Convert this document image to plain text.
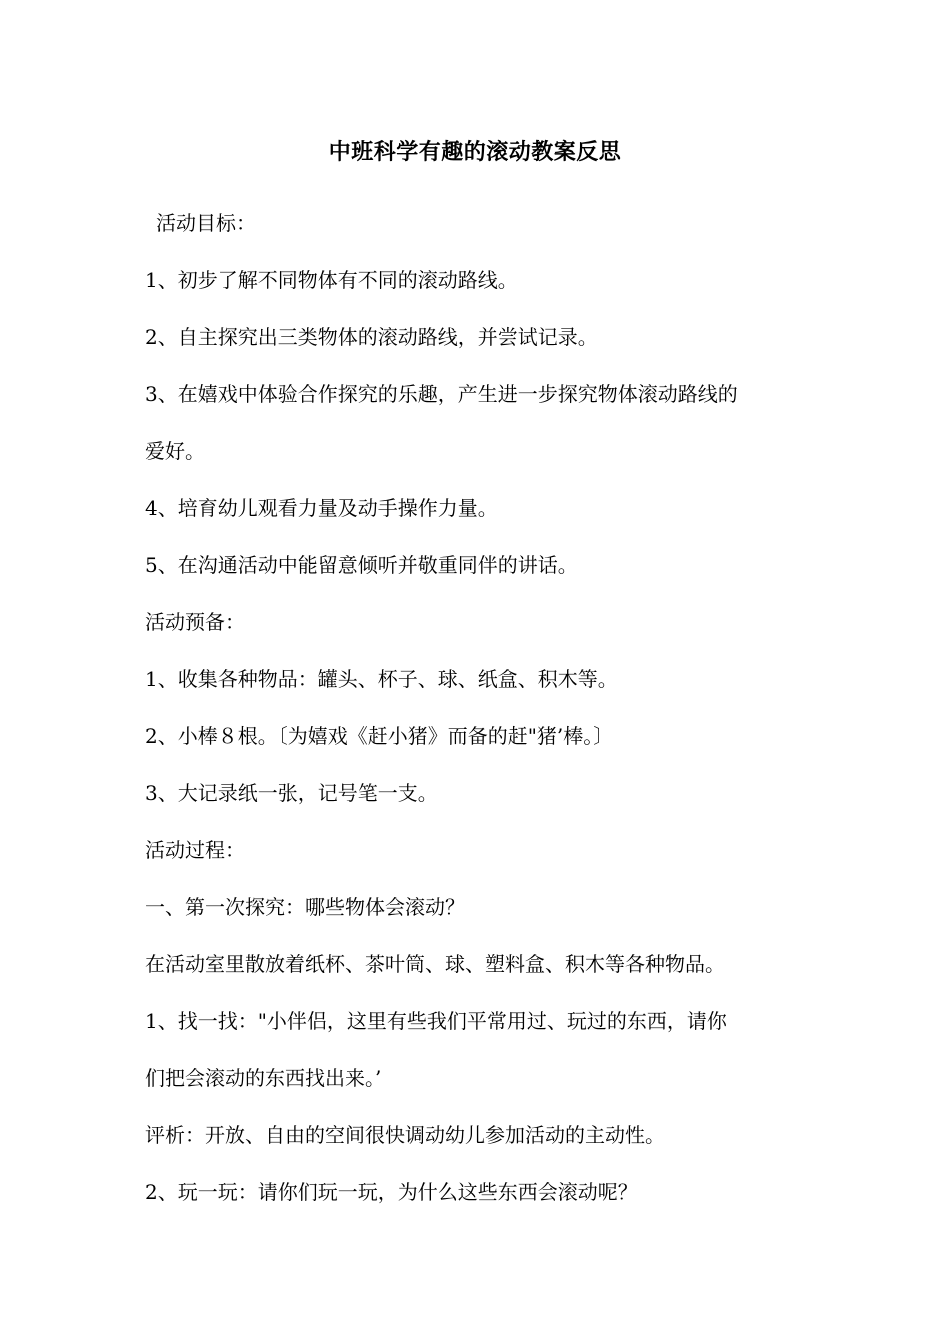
中班科学有趣的滚动教案反思
活动目标：
1、初步了解不同物体有不同的滚动路线。
2、自主探究出三类物体的滚动路线，并尝试记录。
3、在嬉戏中体验合作探究的乐趣，产生进一步探究物体滚动路线的
爱好。
4、培育幼儿观看力量及动手操作力量。
5、在沟通活动中能留意倾听并敬重同伴的讲话。
活动预备：
1、收集各种物品：罐头、杯子、球、纸盒、积木等。
2、小棒８根。〔为嬉戏《赶小猪》而备的赶"猪’棒。〕
3、大记录纸一张，记号笔一支。
活动过程：
一、第一次探究：哪些物体会滚动？
在活动室里散放着纸杯、茶叶筒、球、塑料盒、积木等各种物品。
1、找一找："小伴侣，这里有些我们平常用过、玩过的东西，请你
们把会滚动的东西找出来。’
评析：开放、自由的空间很快调动幼儿参加活动的主动性。
2、玩一玩：请你们玩一玩，为什么这些东西会滚动呢？
